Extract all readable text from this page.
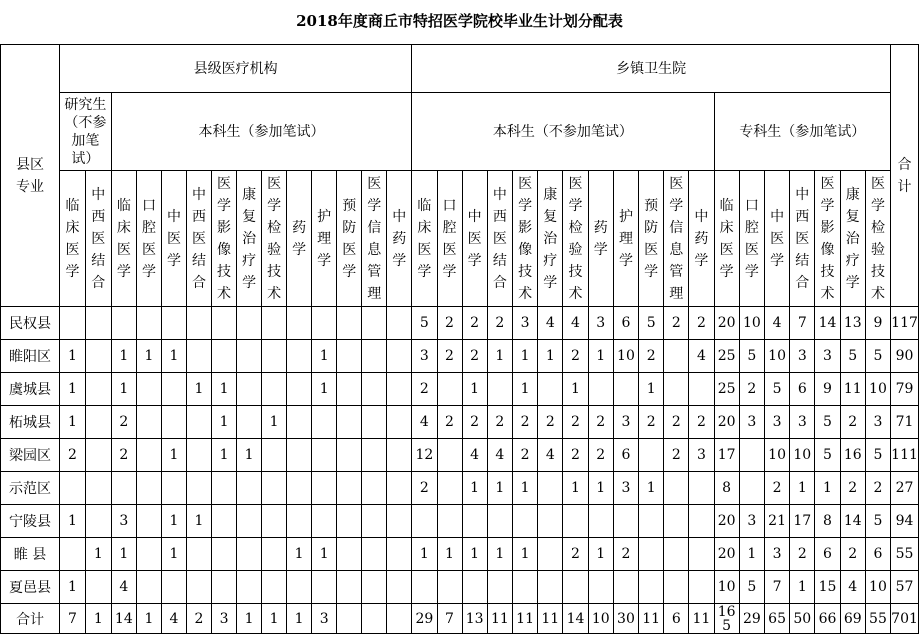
2018年度商丘市特招医学院校毕业生计划分配表
县区专业	县级医疗机构														乡镇卫生院																			合计
	研究生（不参加笔试）		本科生（参加笔试）												本科生（不参加笔试）												专科生（参加笔试）							
	临床医学	中西医结合	临床医学	口腔医学	中医学	中西医结合	医学影像技术	康复治疗学	医学检验技术	药学	护理学	预防医学	医学信息管理	中药学	临床医学	口腔医学	中医学	中西医结合	医学影像技术	康复治疗学	医学检验技术	药学	护理学	预防医学	医学信息管理	中药学	临床医学	口腔医学	中医学	中西医结合	医学影像技术	康复治疗学	医学检验技术	
民权县															5	2	2	2	3	4	4	3	6	5	2	2	20	10	4	7	14	13	9	117
睢阳区	1		1	1	1						1				3	2	2	1	1	1	2	1	10	2		4	25	5	10	3	3	5	5	90
虞城县	1		1			1	1				1				2		1		1		1			1			25	2	5	6	9	11	10	79
柘城县	1		2				1		1						4	2	2	2	2	2	2	2	3	2	2	2	20	3	3	3	5	2	3	71
梁园区	2		2		1		1	1							12		4	4	2	4	2	2	6		2	3	17		10	10	5	16	5	111
示范区															2		1	1	1		1	1	3	1			8		2	1	1	2	2	27
宁陵县	1		3		1	1																					20	3	21	17	8	14	5	94
睢 县		1	1		1					1	1				1	1	1	1	1		2	1	2				20	1	3	2	6	2	6	55
夏邑县	1		4																								10	5	7	1	15	4	10	57
合计	7	1	14	1	4	2	3	1	1	1	3				29	7	13	11	11	11	14	10	30	11	6	11	165	29	65	50	66	69	55	701
